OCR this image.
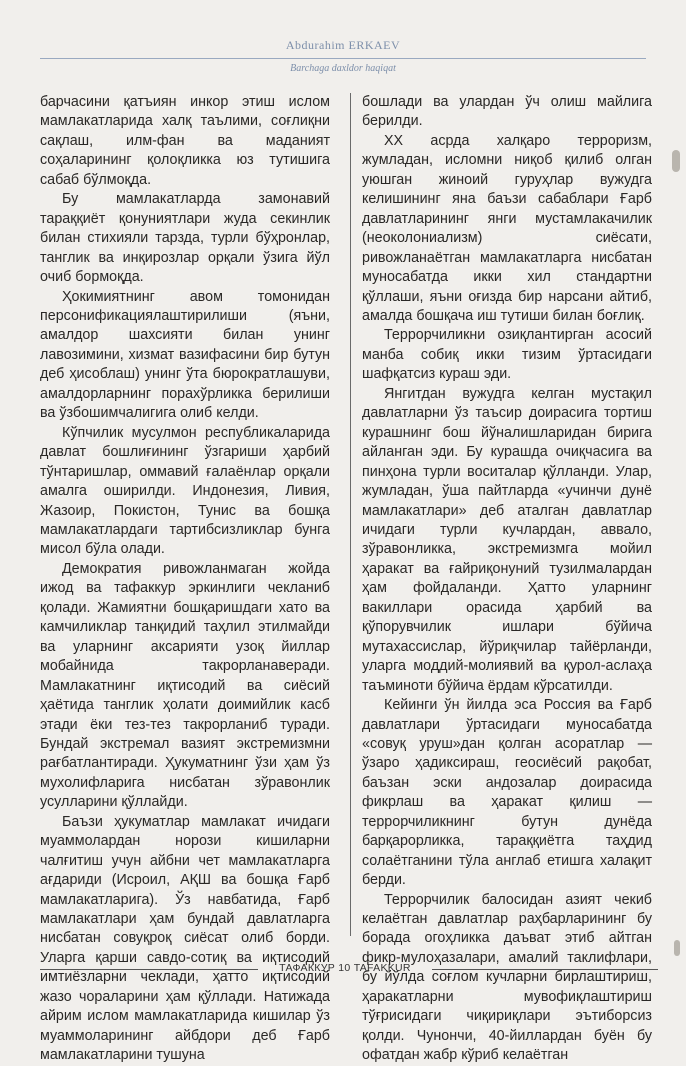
Abdurahim ERKAEV
Barchaga daxldor haqiqat

барчасини қатъиян инкор этиш ислом мамлакатларида халқ таълими, соғлиқни сақлаш, илм-фан ва маданият соҳаларининг қолоқликка юз тутишига сабаб бўлмоқда.

Бу мамлакатларда замонавий тараққиёт қонуниятлари жуда секинлик билан стихияли тарзда, турли бўҳронлар, танглик ва инқирозлар орқали ўзига йўл очиб бормоқда.

Ҳокимиятнинг авом томонидан персонификациялаштирилиши (яъни, амалдор шахсияти билан унинг лавозимини, хизмат вазифасини бир бутун деб ҳисоблаш) унинг ўта бюрократлашуви, амалдорларнинг порахўрликка берилиши ва ўзбошимчалигига олиб келди.

Кўпчилик мусулмон республикаларида давлат бошлиғининг ўзгариши ҳарбий тўнтаришлар, оммавий ғалаёнлар орқали амалга оширилди. Индонезия, Ливия, Жазоир, Покистон, Тунис ва бошқа мамлакатлардаги тартибсизликлар бунга мисол бўла олади.

Демократия ривожланмаган жойда ижод ва тафаккур эркинлиги чекланиб қолади. Жамиятни бошқаришдаги хато ва камчиликлар танқидий таҳлил этилмайди ва уларнинг аксарияти узоқ йиллар мобайнида такрорланаверади. Мамлакатнинг иқтисодий ва сиёсий ҳаётида танглик ҳолати доимийлик касб этади ёки тез-тез такрорланиб туради. Бундай экстремал вазият экстремизмни рағбатлантиради. Ҳукуматнинг ўзи ҳам ўз мухолифларига нисбатан зўравонлик усулларини қўллайди.

Баъзи ҳукуматлар мамлакат ичидаги муаммолардан норози кишиларни чалғитиш учун айбни чет мамлакатларга ағдариди (Исроил, АҚШ ва бошқа Ғарб мамлакатларига). Ўз навбатида, Ғарб мамлакатлари ҳам бундай давлатларга нисбатан совуқроқ сиёсат олиб борди. Уларга қарши савдо-сотиқ ва иқтисодий имтиёзларни чеклади, ҳатто иқтисодий жазо чораларини ҳам қўллади. Натижада айрим ислом мамлакатларида кишилар ўз муаммоларининг айбдори деб Ғарб мамлакатларини тушуна

бошлади ва улардан ўч олиш майлига берилди.

XX асрда халқаро терроризм, жумладан, исломни ниқоб қилиб олган уюшган жиноий гуруҳлар вужудга келишининг яна баъзи сабаблари Ғарб давлатларининг янги мустамлакачилик (неоколониализм) сиёсати, ривожланаётган мамлакатларга нисбатан муносабатда икки хил стандартни қўллаши, яъни оғизда бир нарсани айтиб, амалда бошқача иш тутиши билан боғлиқ.

Террорчиликни озиқлантирган асосий манба собиқ икки тизим ўртасидаги шафқатсиз кураш эди.

Янгитдан вужудга келган мустақил давлатларни ўз таъсир доирасига тортиш курашнинг бош йўналишларидан бирига айланган эди. Бу курашда очиқчасига ва пинҳона турли воситалар қўлланди. Улар, жумладан, ўша пайтларда «учинчи дунё мамлакатлари» деб аталган давлатлар ичидаги турли кучлардан, аввало, зўравонликка, экстремизмга мойил ҳаракат ва ғайриқонуний тузилмалардан ҳам фойдаланди. Ҳатто уларнинг вакиллари орасида ҳарбий ва қўпорувчилик ишлари бўйича мутахассислар, йўриқчилар тайёрланди, уларга моддий-молиявий ва қурол-аслаҳа таъминоти бўйича ёрдам кўрсатилди.

Кейинги ўн йилда эса Россия ва Ғарб давлатлари ўртасидаги муносабатда «совуқ уруш»дан қолган асоратлар — ўзаро ҳадиксираш, геосиёсий рақобат, баъзан эски андозалар доирасида фикрлаш ва ҳаракат қилиш — террорчиликнинг бутун дунёда барқарорликка, тараққиётга таҳдид солаётганини тўла англаб етишга халақит берди.

Террорчилик балосидан азият чекиб келаётган давлатлар раҳбарларининг бу борада огоҳликка даъват этиб айтган фикр-мулоҳазалари, амалий таклифлари, бу йўлда соғлом кучларни бирлаштириш, ҳаракатларни мувофиқлаштириш тўғрисидаги чиқириқлари эътиборсиз қолди. Чунончи, 40-йиллардан буён бу офатдан жабр кўриб келаётган

ТАФАККУР 10 TAFAKKUR
